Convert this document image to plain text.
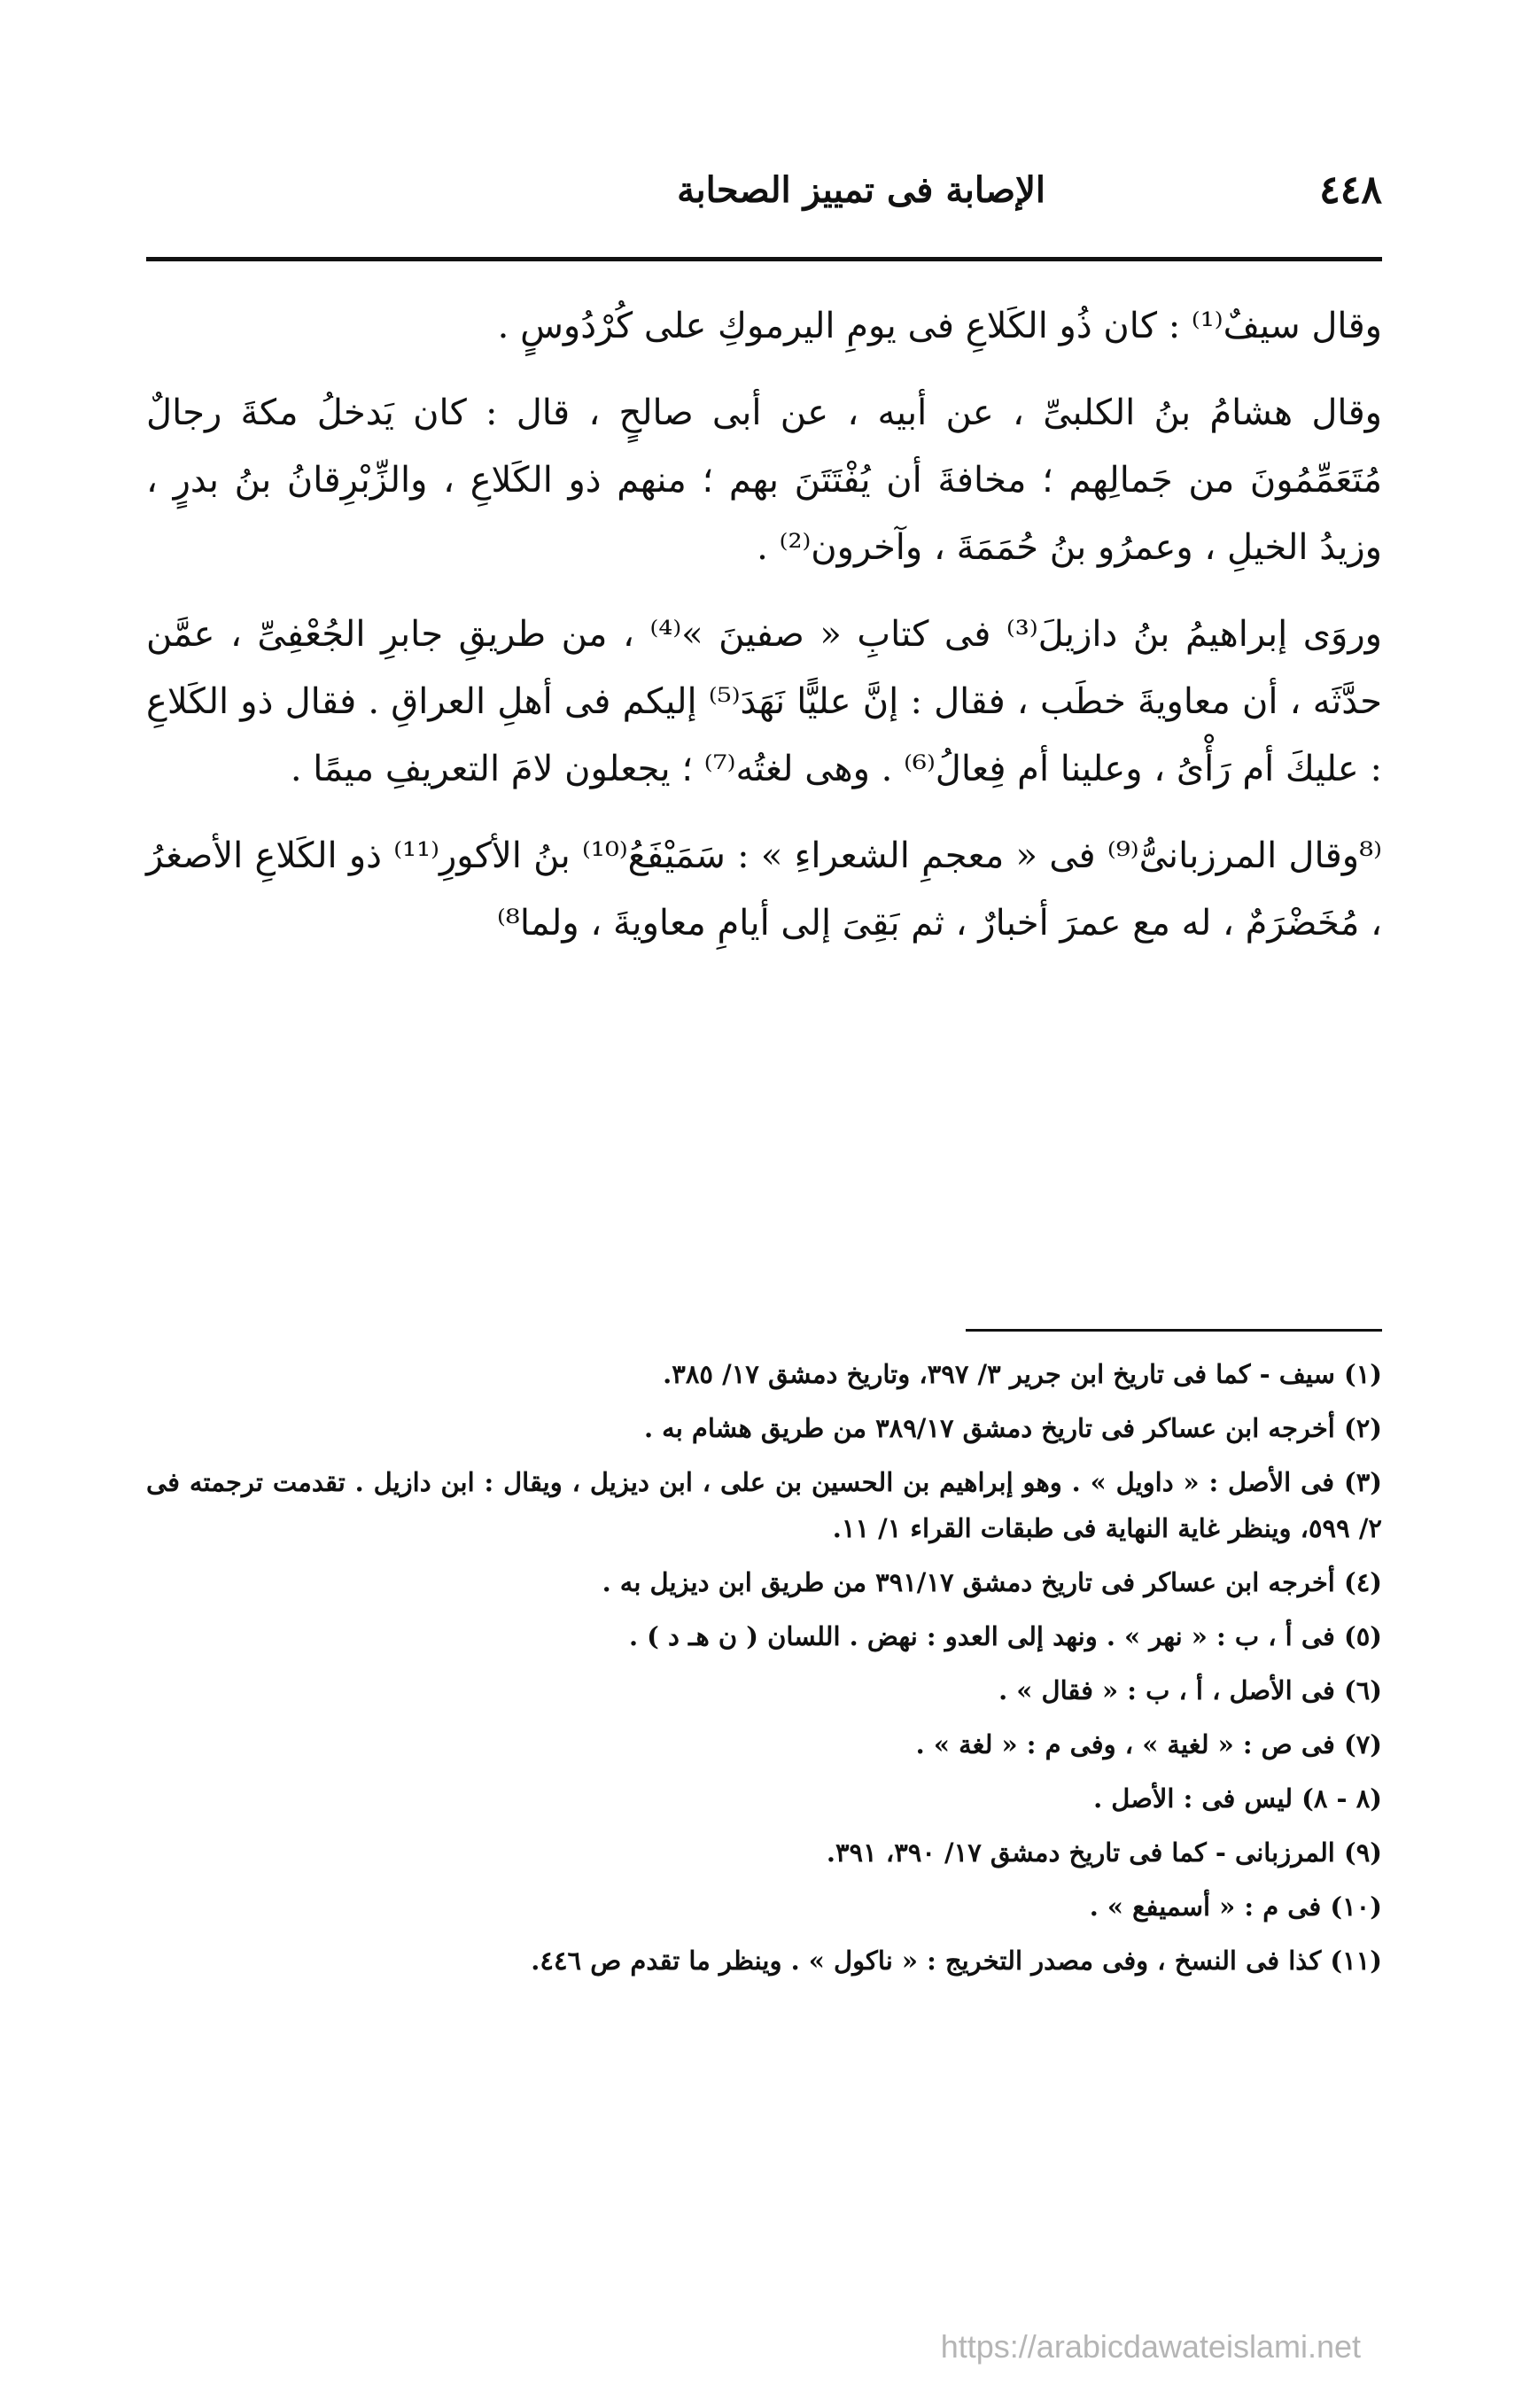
٤٤٨
الإصابة فى تمييز الصحابة

وقال سيفٌ⁽¹⁾ : كان ذُو الكَلاعِ فى يومِ اليرموكِ على كُرْدُوسٍ .

وقال هشامُ بنُ الكلبىِّ ، عن أبيه ، عن أبى صالحٍ ، قال : كان يَدخلُ مكةَ رجالٌ مُتَعَمِّمُونَ من جَمالِهم ؛ مخافةَ أن يُفْتَتَنَ بهم ؛ منهم ذو الكَلاعِ ، والزِّبْرِقانُ بنُ بدرٍ ، وزيدُ الخيلِ ، وعمرُو بنُ حُمَمَةَ ، وآخرون⁽²⁾ .

وروَى إبراهيمُ بنُ دازيلَ⁽³⁾ فى كتابِ « صفينَ »⁽⁴⁾ ، من طريقِ جابرِ الجُعْفِىِّ ، عمَّن حدَّثَه ، أن معاويةَ خطَب ، فقال : إنَّ عليًّا نَهَدَ⁽⁵⁾ إليكم فى أهلِ العراقِ . فقال ذو الكَلاعِ : عليكَ أم رَأْىُ ، وعلينا أم فِعالُ⁽⁶⁾ . وهى لغتُه⁽⁷⁾ ؛ يجعلون لامَ التعريفِ ميمًا .

⁽⁸وقال المرزبانىُّ⁽⁹⁾ فى « معجمِ الشعراءِ » : سَمَيْفَعُ⁽¹⁰⁾ بنُ الأكورِ⁽¹¹⁾ ذو الكَلاعِ الأصغرُ ، مُخَضْرَمٌ ، له مع عمرَ أخبارٌ ، ثم بَقِىَ إلى أيامِ معاويةَ ، ولما⁸⁾

(١) سيف - كما فى تاريخ ابن جرير ٣/ ٣٩٧، وتاريخ دمشق ١٧/ ٣٨٥.
(٢) أخرجه ابن عساكر فى تاريخ دمشق ٣٨٩/١٧ من طريق هشام به .
(٣) فى الأصل : « داويل » . وهو إبراهيم بن الحسين بن على ، ابن ديزيل ، ويقال : ابن دازيل . تقدمت ترجمته فى ٢/ ٥٩٩، وينظر غاية النهاية فى طبقات القراء ١/ ١١.
(٤) أخرجه ابن عساكر فى تاريخ دمشق ٣٩١/١٧ من طريق ابن ديزيل به .
(٥) فى أ ، ب : « نهر » . ونهد إلى العدو : نهض . اللسان ( ن هـ د ) .
(٦) فى الأصل ، أ ، ب : « فقال » .
(٧) فى ص : « لغية » ، وفى م : « لغة » .
(٨ - ٨) ليس فى : الأصل .
(٩) المرزبانى - كما فى تاريخ دمشق ١٧/ ٣٩٠، ٣٩١.
(١٠) فى م : « أسميفع » .
(١١) كذا فى النسخ ، وفى مصدر التخريج : « ناكول » . وينظر ما تقدم ص ٤٤٦.
https://arabicdawateislami.net
